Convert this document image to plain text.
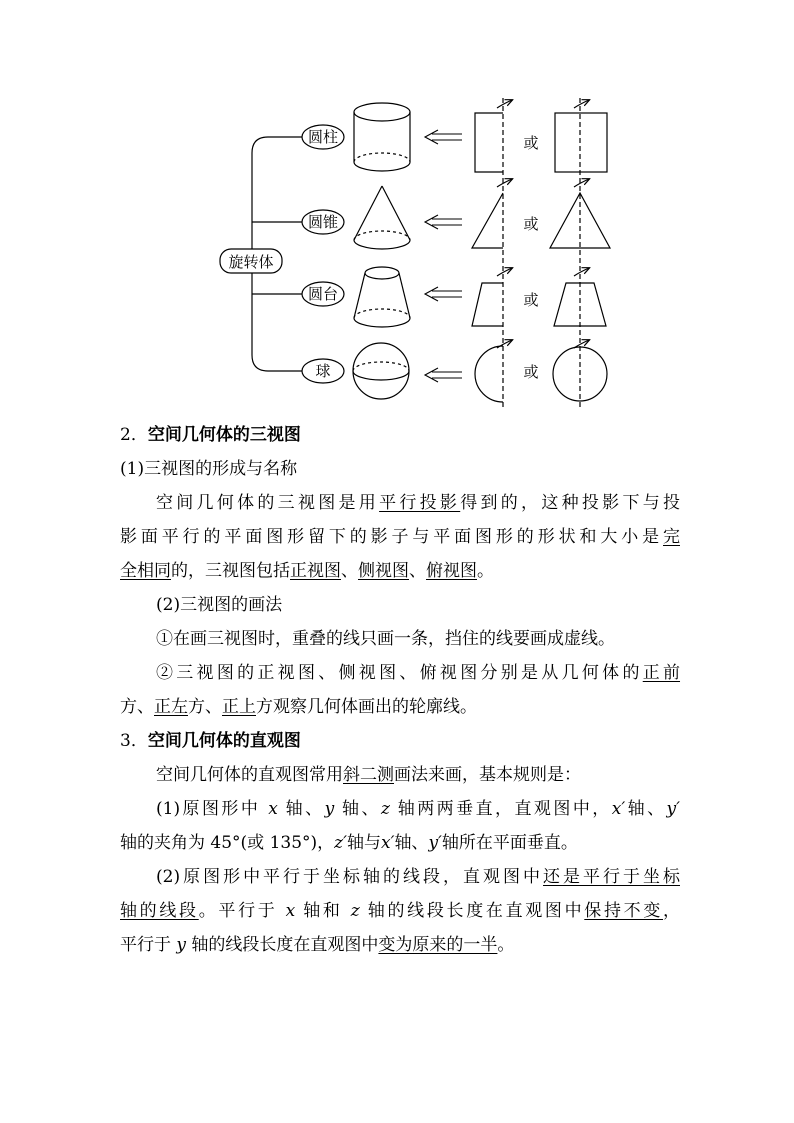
旋转体
圆柱
圆锥
圆台
球
或
或
或
或
2．空间几何体的三视图
(1)三视图的形成与名称
空间几何体的三视图是用平行投影得到的，这种投影下与投
影面平行的平面图形留下的影子与平面图形的形状和大小是完
全相同的，三视图包括正视图、侧视图、俯视图。
(2)三视图的画法
①在画三视图时，重叠的线只画一条，挡住的线要画成虚线。
②三视图的正视图、侧视图、俯视图分别是从几何体的正前
方、正左方、正上方观察几何体画出的轮廓线。
3．空间几何体的直观图
空间几何体的直观图常用斜二测画法来画，基本规则是：
(1)原图形中 x 轴、y 轴、z 轴两两垂直，直观图中，x′轴、y′
轴的夹角为 45°(或 135°)，z′轴与x′轴、y′轴所在平面垂直。
(2)原图形中平行于坐标轴的线段，直观图中还是平行于坐标
轴的线段。平行于 x 轴和 z 轴的线段长度在直观图中保持不变，
平行于 y 轴的线段长度在直观图中变为原来的一半。
